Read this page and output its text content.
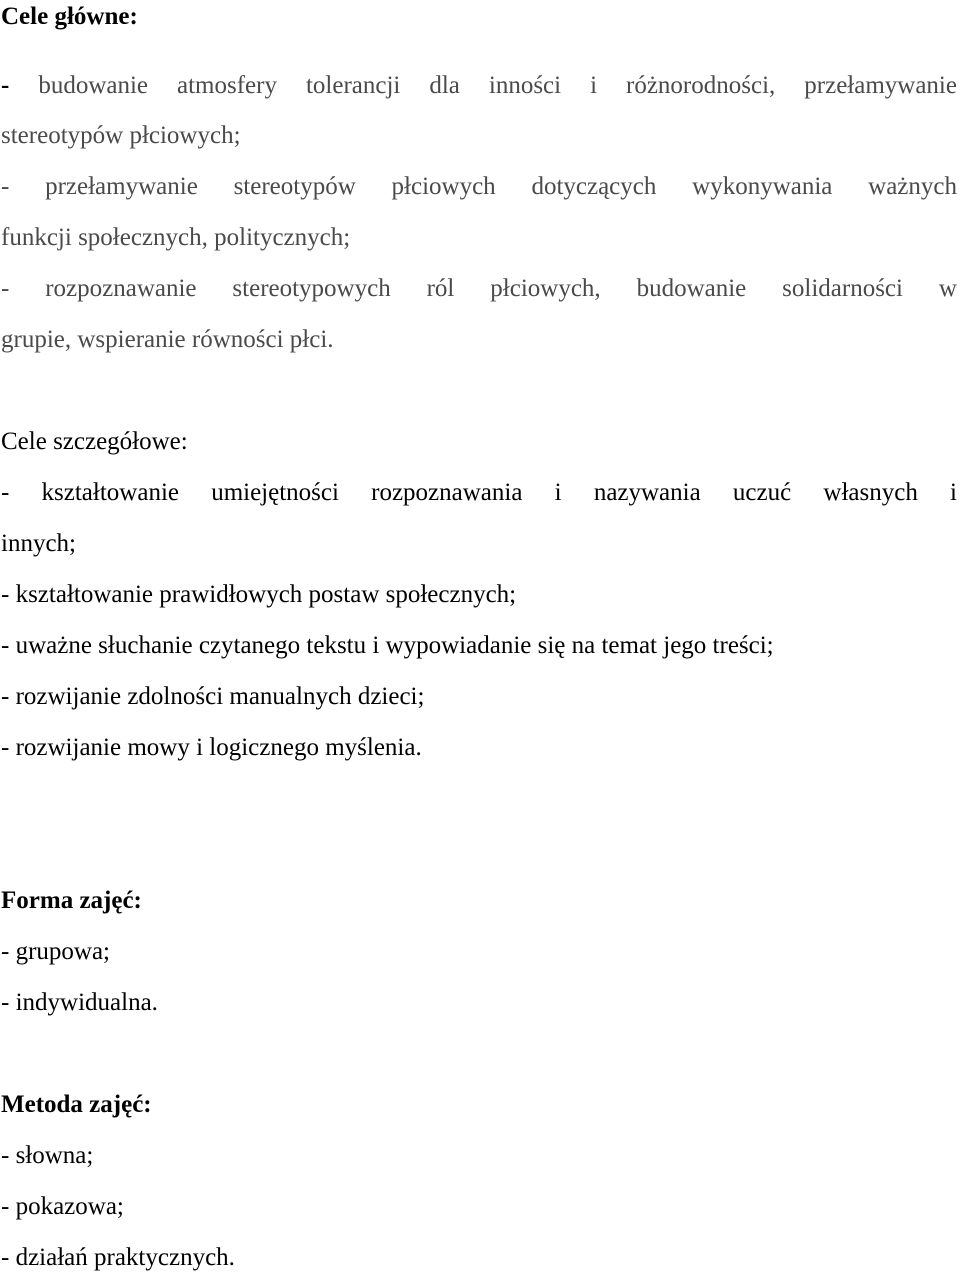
Cele główne:
- budowanie atmosfery tolerancji dla inności i różnorodności, przełamywanie
stereotypów płciowych;
- przełamywanie stereotypów płciowych dotyczących wykonywania ważnych
funkcji społecznych, politycznych;
- rozpoznawanie stereotypowych ról płciowych, budowanie solidarności w
grupie, wspieranie równości płci.
Cele szczegółowe:
- kształtowanie umiejętności rozpoznawania i nazywania uczuć własnych i
innych;
- kształtowanie prawidłowych postaw społecznych;
- uważne słuchanie czytanego tekstu i wypowiadanie się na temat jego treści;
- rozwijanie zdolności manualnych dzieci;
- rozwijanie mowy i logicznego myślenia.
Forma zajęć:
- grupowa;
- indywidualna.
Metoda zajęć:
- słowna;
- pokazowa;
- działań praktycznych.
